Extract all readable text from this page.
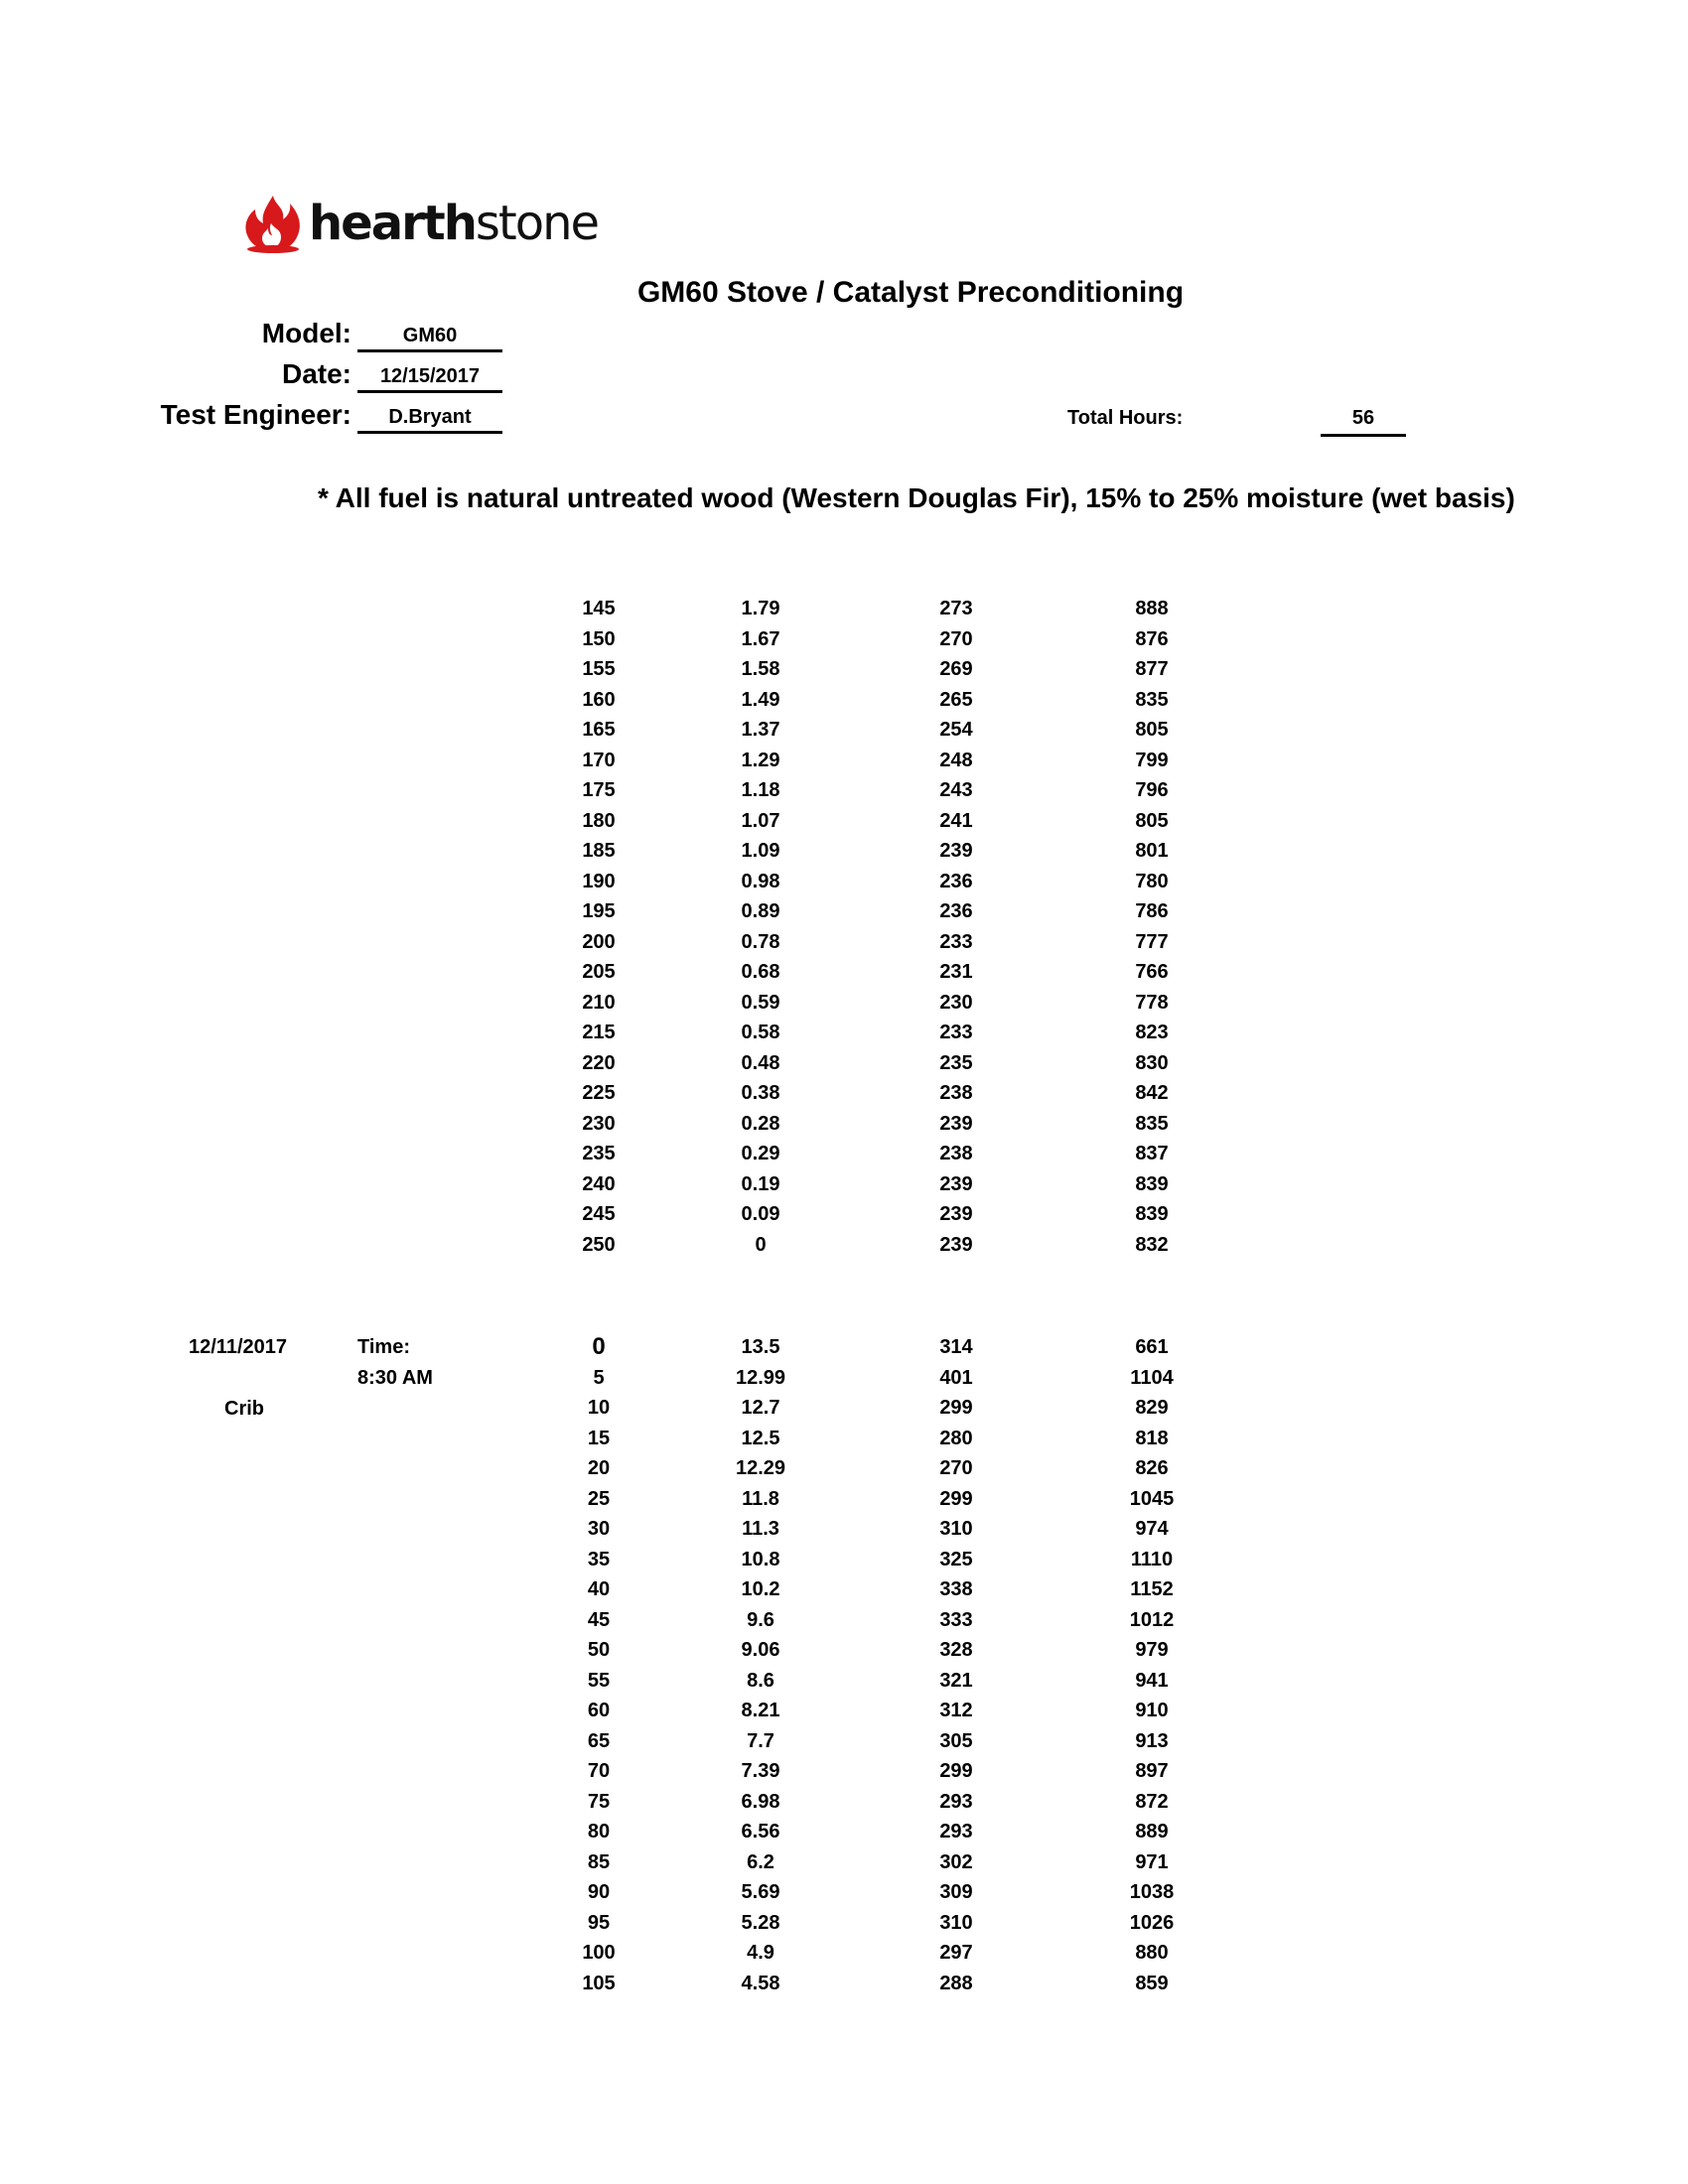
hearthstone
GM60 Stove / Catalyst Preconditioning
Model:	GM60
Date:	12/15/2017
Test Engineer:	D.Bryant	Total Hours:	56
* All fuel is natural untreated wood (Western Douglas Fir), 15% to 25% moisture (wet basis)
145	1.79	273	888
150	1.67	270	876
155	1.58	269	877
160	1.49	265	835
165	1.37	254	805
170	1.29	248	799
175	1.18	243	796
180	1.07	241	805
185	1.09	239	801
190	0.98	236	780
195	0.89	236	786
200	0.78	233	777
205	0.68	231	766
210	0.59	230	778
215	0.58	233	823
220	0.48	235	830
225	0.38	238	842
230	0.28	239	835
235	0.29	238	837
240	0.19	239	839
245	0.09	239	839
250	0	239	832
12/11/2017	Time:
8:30 AM
Crib
0	13.5	314	661
5	12.99	401	1104
10	12.7	299	829
15	12.5	280	818
20	12.29	270	826
25	11.8	299	1045
30	11.3	310	974
35	10.8	325	1110
40	10.2	338	1152
45	9.6	333	1012
50	9.06	328	979
55	8.6	321	941
60	8.21	312	910
65	7.7	305	913
70	7.39	299	897
75	6.98	293	872
80	6.56	293	889
85	6.2	302	971
90	5.69	309	1038
95	5.28	310	1026
100	4.9	297	880
105	4.58	288	859
